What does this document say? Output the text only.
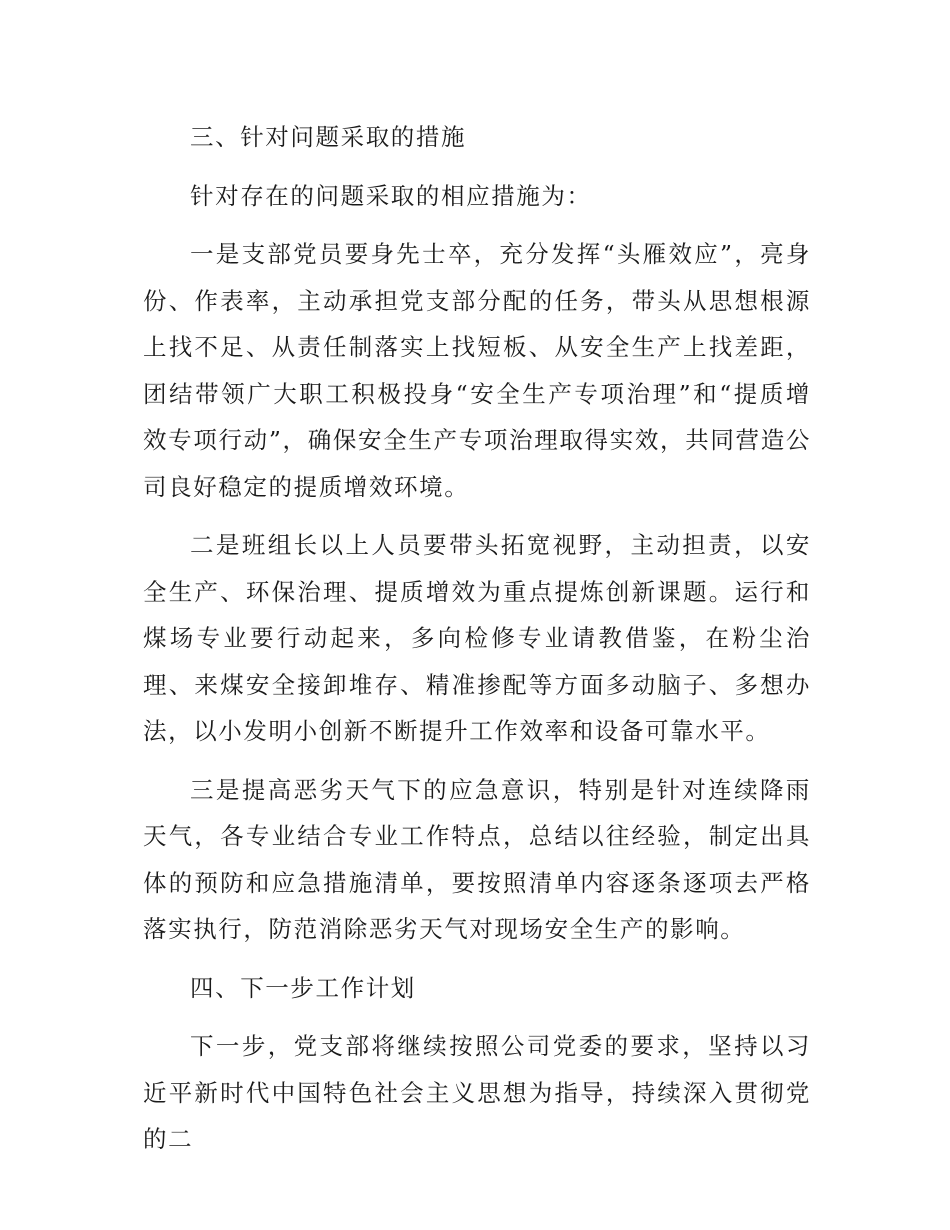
三、针对问题采取的措施

针对存在的问题采取的相应措施为：

一是支部党员要身先士卒，充分发挥“头雁效应”，亮身份、作表率，主动承担党支部分配的任务，带头从思想根源上找不足、从责任制落实上找短板、从安全生产上找差距，团结带领广大职工积极投身“安全生产专项治理”和“提质增效专项行动”，确保安全生产专项治理取得实效，共同营造公司良好稳定的提质增效环境。

二是班组长以上人员要带头拓宽视野，主动担责，以安全生产、环保治理、提质增效为重点提炼创新课题。运行和煤场专业要行动起来，多向检修专业请教借鉴，在粉尘治理、来煤安全接卸堆存、精准掺配等方面多动脑子、多想办法，以小发明小创新不断提升工作效率和设备可靠水平。

三是提高恶劣天气下的应急意识，特别是针对连续降雨天气，各专业结合专业工作特点，总结以往经验，制定出具体的预防和应急措施清单，要按照清单内容逐条逐项去严格落实执行，防范消除恶劣天气对现场安全生产的影响。

四、下一步工作计划

下一步，党支部将继续按照公司党委的要求，坚持以习近平新时代中国特色社会主义思想为指导，持续深入贯彻党的二
